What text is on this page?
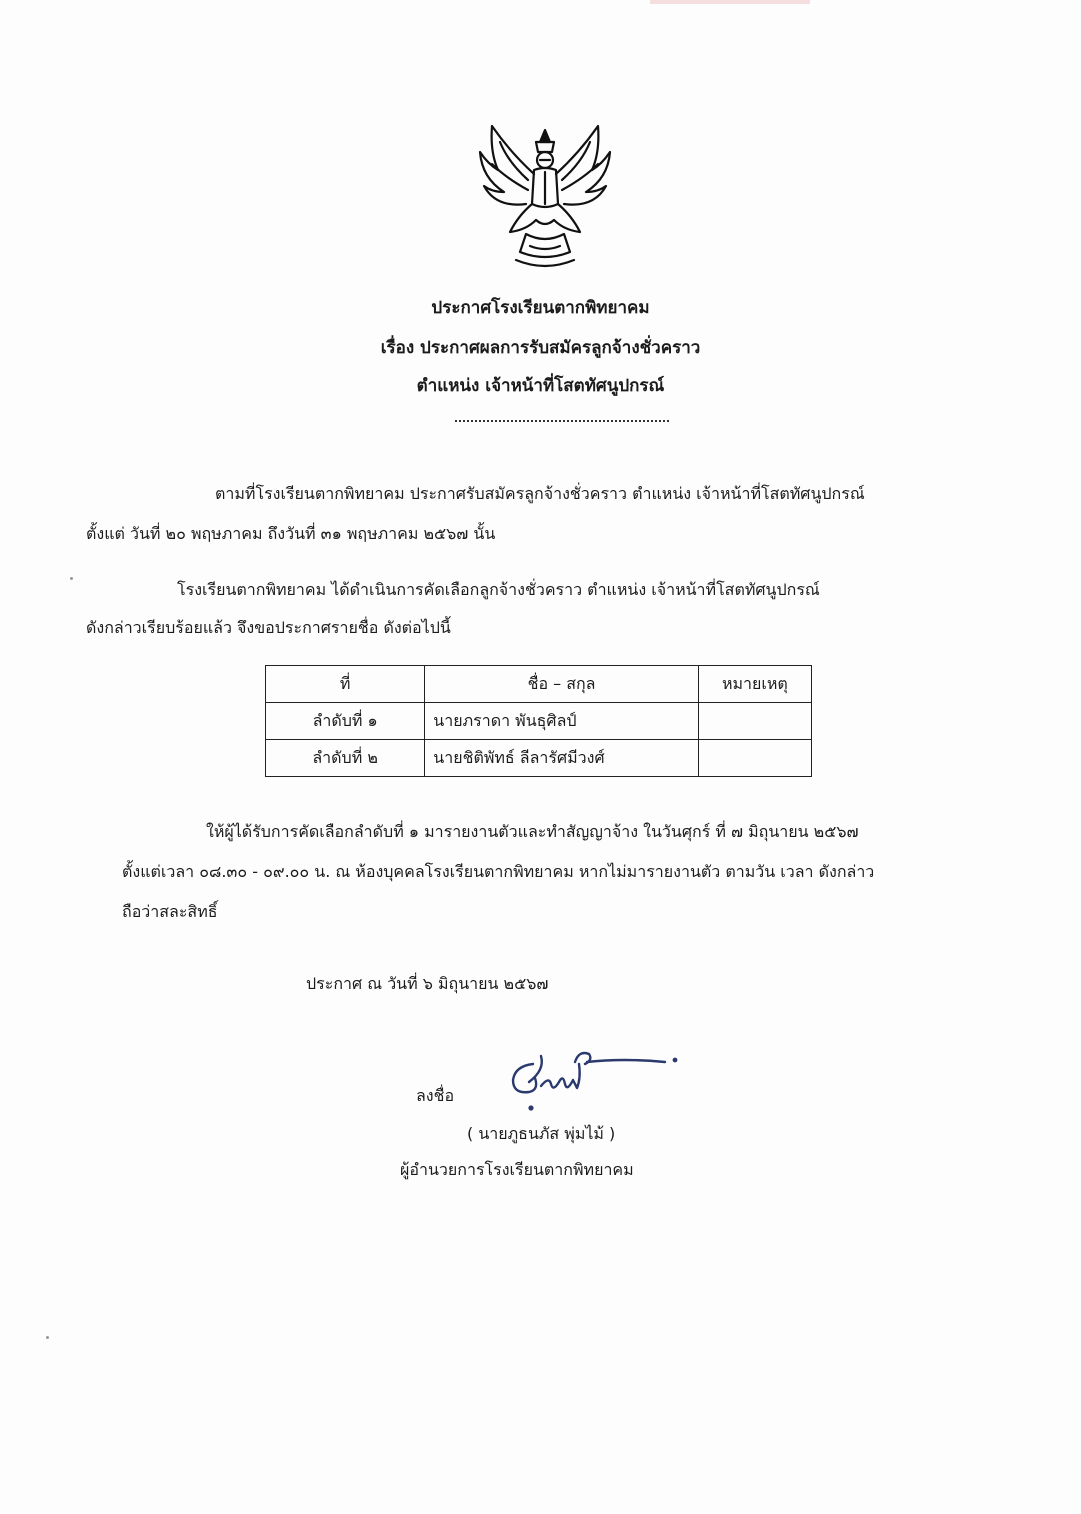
ประกาศโรงเรียนตากพิทยาคม
เรื่อง ประกาศผลการรับสมัครลูกจ้างชั่วคราว
ตำแหน่ง เจ้าหน้าที่โสตทัศนูปกรณ์
ตามที่โรงเรียนตากพิทยาคม ประกาศรับสมัครลูกจ้างชั่วคราว ตำแหน่ง เจ้าหน้าที่โสตทัศนูปกรณ์
ตั้งแต่ วันที่ ๒๐ พฤษภาคม ถึงวันที่ ๓๑ พฤษภาคม ๒๕๖๗ นั้น
โรงเรียนตากพิทยาคม ได้ดำเนินการคัดเลือกลูกจ้างชั่วคราว ตำแหน่ง เจ้าหน้าที่โสตทัศนูปกรณ์
ดังกล่าวเรียบร้อยแล้ว จึงขอประกาศรายชื่อ ดังต่อไปนี้
ที่	ชื่อ – สกุล	หมายเหตุ
ลำดับที่ ๑	นายภราดา พันธุศิลป์	
ลำดับที่ ๒	นายชิติพัทธ์ ลีลารัศมีวงศ์	
ให้ผู้ได้รับการคัดเลือกลำดับที่ ๑ มารายงานตัวและทำสัญญาจ้าง ในวันศุกร์ ที่ ๗ มิถุนายน ๒๕๖๗
ตั้งแต่เวลา ๐๘.๓๐ - ๐๙.๐๐ น. ณ ห้องบุคคลโรงเรียนตากพิทยาคม หากไม่มารายงานตัว ตามวัน เวลา ดังกล่าว
ถือว่าสละสิทธิ์
ประกาศ ณ วันที่ ๖ มิถุนายน ๒๕๖๗
ลงชื่อ
( นายภูธนภัส พุ่มไม้ )
ผู้อำนวยการโรงเรียนตากพิทยาคม
